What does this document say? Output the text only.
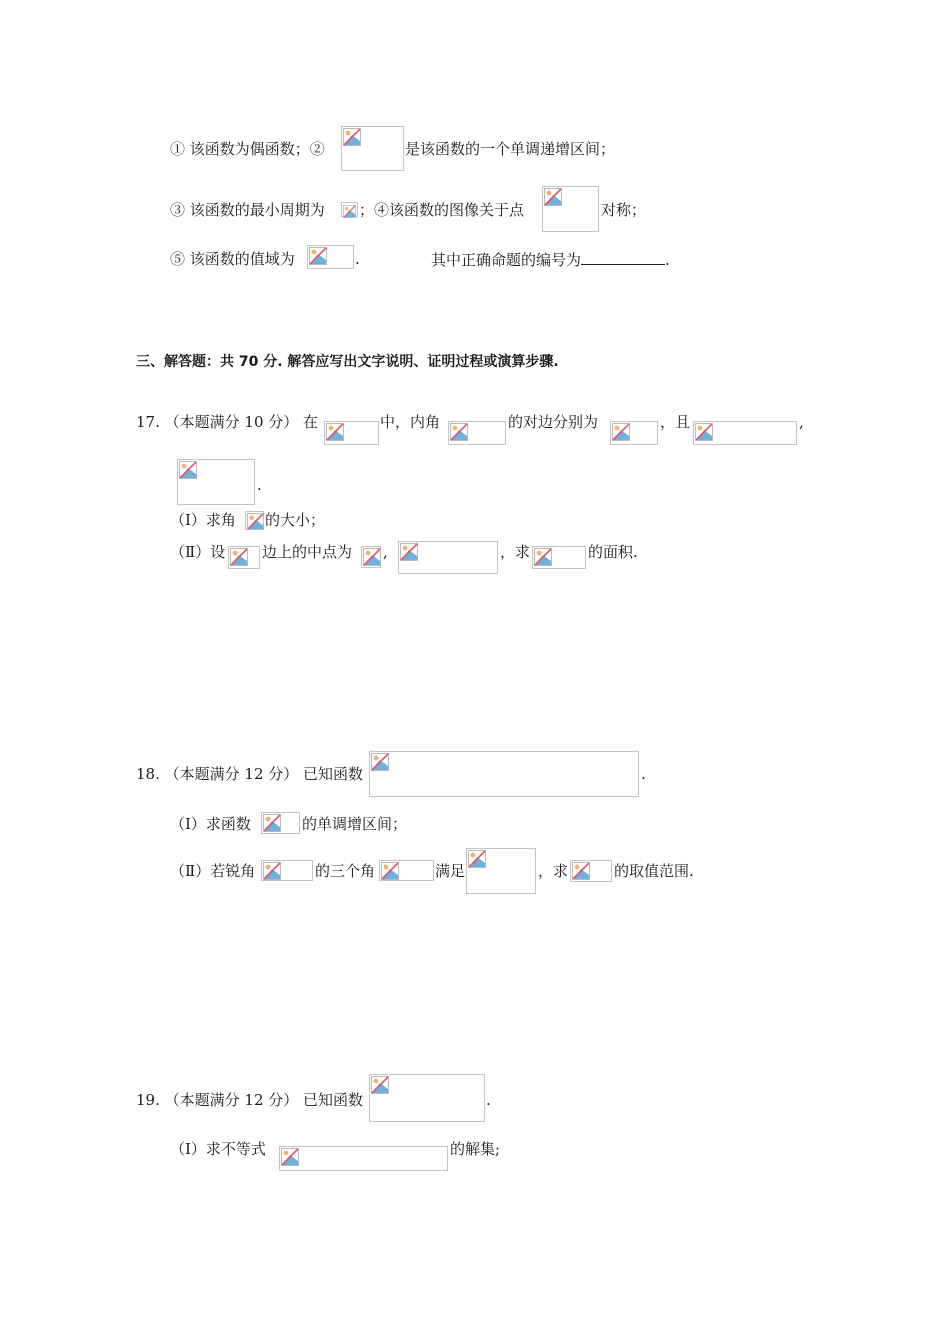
① 该函数为偶函数；②	是该函数的一个单调递增区间；
③ 该函数的最小周期为 ；④该函数的图像关于点	对称；
⑤ 该函数的值域为	.	其中正确命题的编号为	.
三、解答题：共 70 分. 解答应写出文字说明、证明过程或演算步骤.
17. （本题满分 10 分） 在	中，内角	的对边分别为	，且	,
.
（Ⅰ）求角 的大小；
（Ⅱ）设 边上的中点为 ,	，求	的面积.
18. （本题满分 12 分） 已知函数	.
（Ⅰ）求函数	的单调增区间；
（Ⅱ）若锐角	的三个角	满足	，求	的取值范围.
19. （本题满分 12 分） 已知函数	.
（Ⅰ）求不等式	的解集;
